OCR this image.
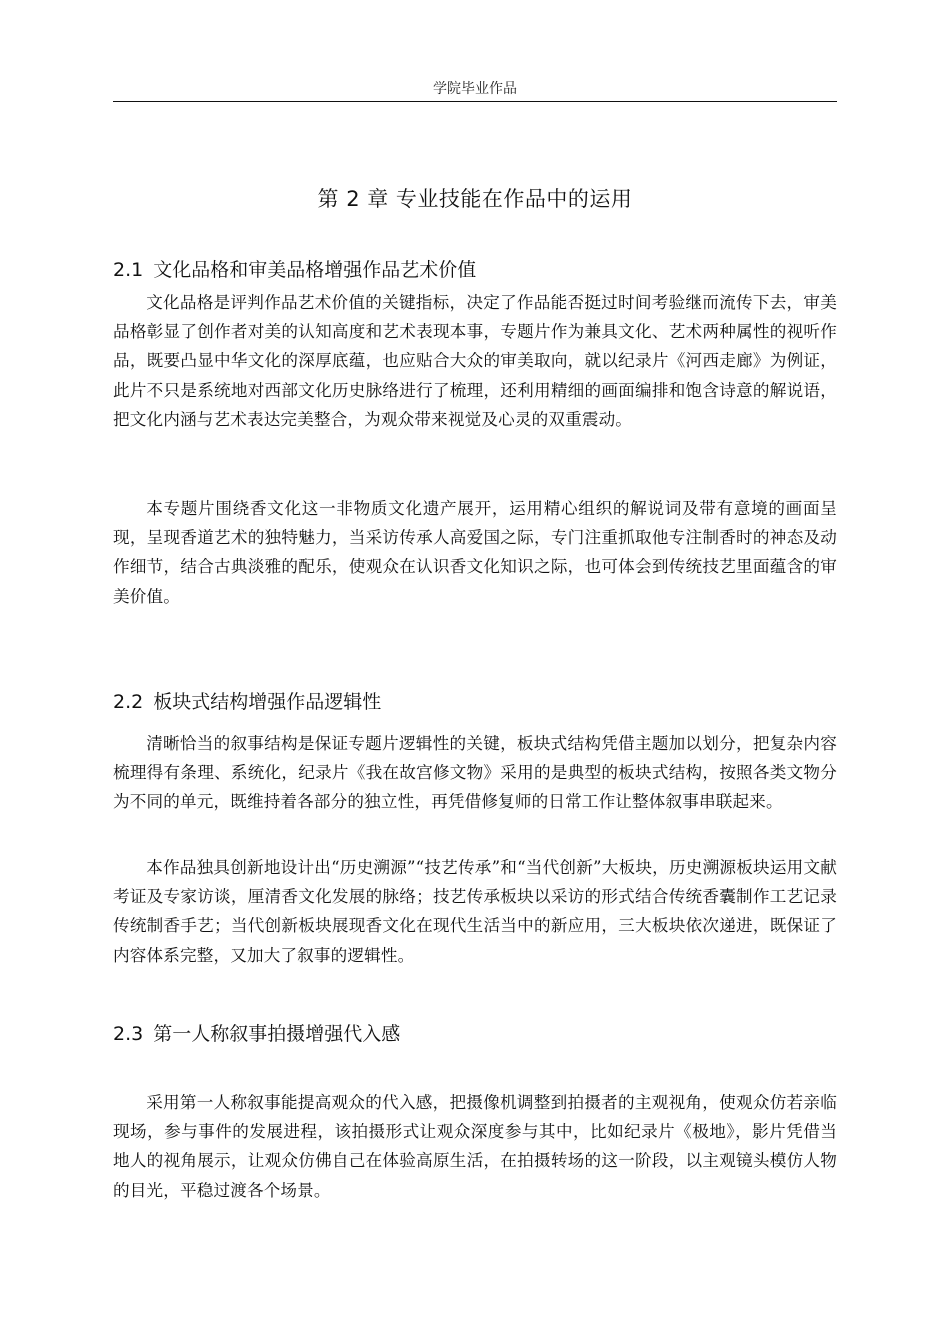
学院毕业作品
第 2 章 专业技能在作品中的运用
2.1 文化品格和审美品格增强作品艺术价值

文化品格是评判作品艺术价值的关键指标，决定了作品能否挺过时间考验继而流传下去，审美品格彰显了创作者对美的认知高度和艺术表现本事，专题片作为兼具文化、艺术两种属性的视听作品，既要凸显中华文化的深厚底蕴，也应贴合大众的审美取向，就以纪录片《河西走廊》为例证，此片不只是系统地对西部文化历史脉络进行了梳理，还利用精细的画面编排和饱含诗意的解说语，把文化内涵与艺术表达完美整合，为观众带来视觉及心灵的双重震动。

本专题片围绕香文化这一非物质文化遗产展开，运用精心组织的解说词及带有意境的画面呈现，呈现香道艺术的独特魅力，当采访传承人高爱国之际，专门注重抓取他专注制香时的神态及动作细节，结合古典淡雅的配乐，使观众在认识香文化知识之际，也可体会到传统技艺里面蕴含的审美价值。

2.2 板块式结构增强作品逻辑性

清晰恰当的叙事结构是保证专题片逻辑性的关键，板块式结构凭借主题加以划分，把复杂内容梳理得有条理、系统化，纪录片《我在故宫修文物》采用的是典型的板块式结构，按照各类文物分为不同的单元，既维持着各部分的独立性，再凭借修复师的日常工作让整体叙事串联起来。

本作品独具创新地设计出“历史溯源”“技艺传承”和“当代创新”大板块，历史溯源板块运用文献考证及专家访谈，厘清香文化发展的脉络；技艺传承板块以采访的形式结合传统香囊制作工艺记录传统制香手艺；当代创新板块展现香文化在现代生活当中的新应用，三大板块依次递进，既保证了内容体系完整，又加大了叙事的逻辑性。

2.3 第一人称叙事拍摄增强代入感

采用第一人称叙事能提高观众的代入感，把摄像机调整到拍摄者的主观视角，使观众仿若亲临现场，参与事件的发展进程，该拍摄形式让观众深度参与其中，比如纪录片《极地》，影片凭借当地人的视角展示，让观众仿佛自己在体验高原生活，在拍摄转场的这一阶段，以主观镜头模仿人物的目光，平稳过渡各个场景。
